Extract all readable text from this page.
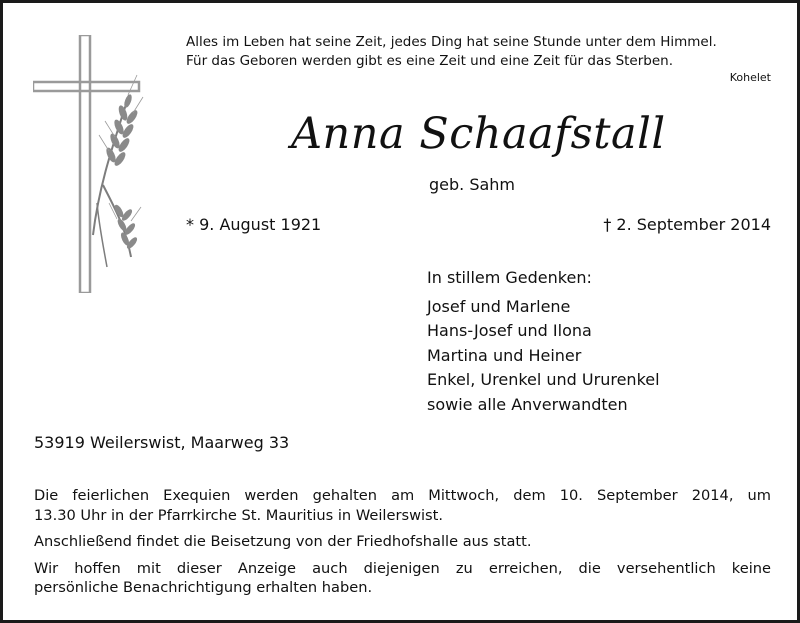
Alles im Leben hat seine Zeit, jedes Ding hat seine Stunde unter dem Himmel.
Für das Geboren werden gibt es eine Zeit und eine Zeit für das Sterben.
Kohelet
Anna Schaafstall
geb. Sahm
* 9. August 1921	† 2. September 2014
In stillem Gedenken:
Josef und Marlene
Hans-Josef und Ilona
Martina und Heiner
Enkel, Urenkel und Ururenkel
sowie alle Anverwandten
53919 Weilerswist, Maarweg 33

Die feierlichen Exequien werden gehalten am Mittwoch, dem 10. September 2014, um

13.30 Uhr in der Pfarrkirche St. Mauritius in Weilerswist.

Anschließend findet die Beisetzung von der Friedhofshalle aus statt.

Wir hoffen mit dieser Anzeige auch diejenigen zu erreichen, die versehentlich keine

persönliche Benachrichtigung erhalten haben.
